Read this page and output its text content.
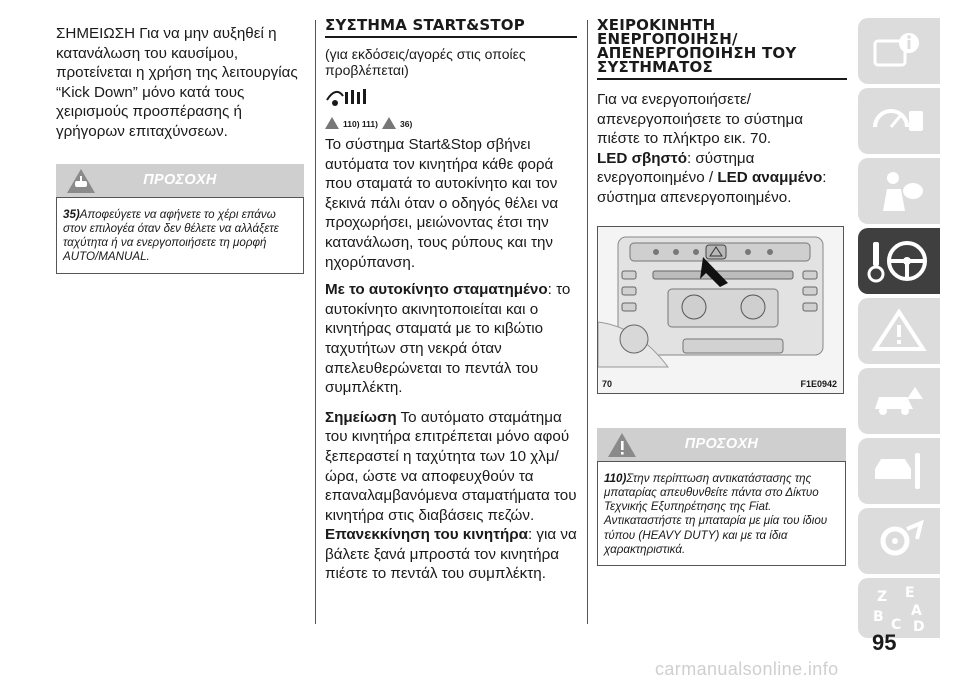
ΣΗΜΕΙΩΣΗ Για να μην αυξηθεί η κατανάλωση του καυσίμου, προτείνεται η χρήση της λειτουργίας “Kick Down” μόνο κατά τους χειρισμούς προσπέρασης ή γρήγορων επιταχύνσεων.

ΠΡΟΣΟΧΗ
35)Αποφεύγετε να αφήνετε το χέρι επάνω στον επιλογέα όταν δεν θέλετε να αλλάξετε ταχύτητα ή να ενεργοποιήσετε τη μορφή AUTO/MANUAL.
ΣΥΣΤΗΜΑ START&STOP

(για εκδόσεις/αγορές στις οποίες προβλέπεται)

110) 111)	36)

Το σύστημα Start&Stop σβήνει αυτόματα τον κινητήρα κάθε φορά που σταματά το αυτοκίνητο και τον ξεκινά πάλι όταν ο οδηγός θέλει να προχωρήσει, μειώνοντας έτσι την κατανάλωση, τους ρύπους και την ηχορύπανση.

Με το αυτοκίνητο σταματημένο: το αυτοκίνητο ακινητοποιείται και ο κινητήρας σταματά με το κιβώτιο ταχυτήτων στη νεκρά όταν απελευθερώνεται το πεντάλ του συμπλέκτη.

Σημείωση Το αυτόματο σταμάτημα του κινητήρα επιτρέπεται μόνο αφού ξεπεραστεί η ταχύτητα των 10 χλμ/ώρα, ώστε να αποφευχθούν τα επαναλαμβανόμενα σταματήματα του κινητήρα στις διαβάσεις πεζών.

Επανεκκίνηση του κινητήρα: για να βάλετε ξανά μπροστά τον κινητήρα πιέστε το πεντάλ του συμπλέκτη.

ΧΕΙΡΟΚΙΝΗΤΗ ΕΝΕΡΓΟΠΟΙΗΣΗ/
ΑΠΕΝΕΡΓΟΠΟΙΗΣΗ ΤΟΥ
ΣΥΣΤΗΜΑΤΟΣ

Για να ενεργοποιήσετε/ απενεργοποιήσετε το σύστημα πιέστε το πλήκτρο εικ. 70.

LED σβηστό: σύστημα ενεργοποιημένο / LED αναμμένο: σύστημα απενεργοποιημένο.

70	F1E0942
ΠΡΟΣΟΧΗ
110)Στην περίπτωση αντικατάστασης της μπαταρίας απευθυνθείτε πάντα στο Δίκτυο Τεχνικής Εξυπηρέτησης της Fiat. Αντικαταστήστε τη μπαταρία με μία του ίδιου τύπου (HEAVY DUTY) και με τα ίδια χαρακτηριστικά.
Z E
A
B C D
95
carmanualsonline.info
